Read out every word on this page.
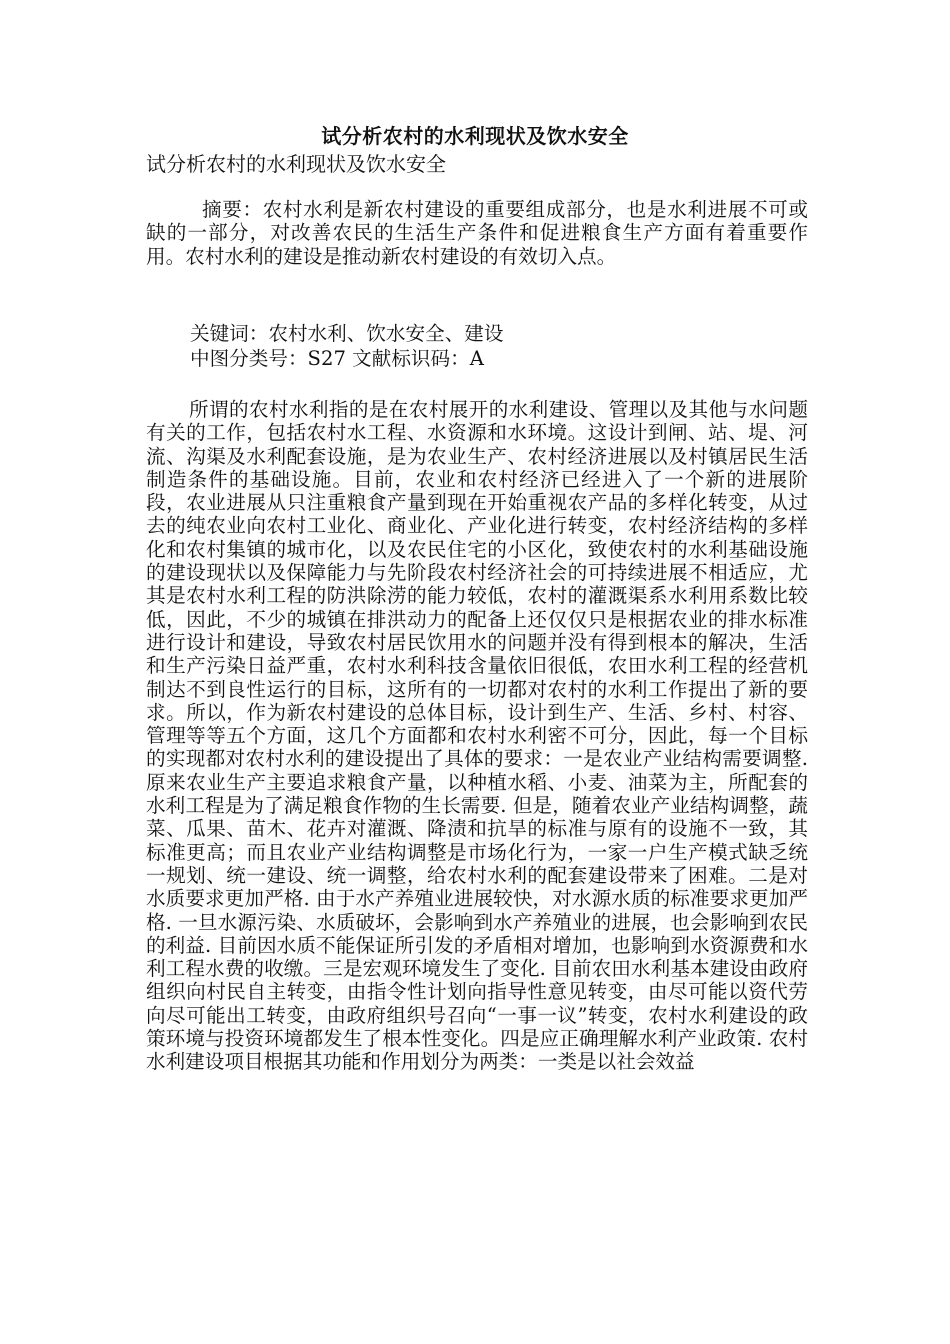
试分析农村的水利现状及饮水安全
试分析农村的水利现状及饮水安全
摘要：农村水利是新农村建设的重要组成部分，也是水利进展不可或缺的一部分，对改善农民的生活生产条件和促进粮食生产方面有着重要作用。农村水利的建设是推动新农村建设的有效切入点。
关键词：农村水利、饮水安全、建设
中图分类号：S27 文献标识码：A
所谓的农村水利指的是在农村展开的水利建设、管理以及其他与水问题有关的工作，包括农村水工程、水资源和水环境。这设计到闸、站、堤、河流、沟渠及水利配套设施，是为农业生产、农村经济进展以及村镇居民生活制造条件的基础设施。目前，农业和农村经济已经进入了一个新的进展阶段，农业进展从只注重粮食产量到现在开始重视农产品的多样化转变，从过去的纯农业向农村工业化、商业化、产业化进行转变，农村经济结构的多样化和农村集镇的城市化，以及农民住宅的小区化，致使农村的水利基础设施的建设现状以及保障能力与先阶段农村经济社会的可持续进展不相适应，尤其是农村水利工程的防洪除涝的能力较低，农村的灌溉渠系水利用系数比较低，因此，不少的城镇在排洪动力的配备上还仅仅只是根据农业的排水标准进行设计和建设，导致农村居民饮用水的问题并没有得到根本的解决，生活和生产污染日益严重，农村水利科技含量依旧很低，农田水利工程的经营机制达不到良性运行的目标，这所有的一切都对农村的水利工作提出了新的要求。所以，作为新农村建设的总体目标，设计到生产、生活、乡村、村容、管理等等五个方面，这几个方面都和农村水利密不可分，因此，每一个目标的实现都对农村水利的建设提出了具体的要求：一是农业产业结构需要调整. 原来农业生产主要追求粮食产量，以种植水稻、小麦、油菜为主，所配套的水利工程是为了满足粮食作物的生长需要. 但是，随着农业产业结构调整，蔬菜、瓜果、苗木、花卉对灌溉、降渍和抗旱的标准与原有的设施不一致，其标准更高；而且农业产业结构调整是市场化行为，一家一户生产模式缺乏统一规划、统一建设、统一调整，给农村水利的配套建设带来了困难。二是对水质要求更加严格. 由于水产养殖业进展较快，对水源水质的标准要求更加严格. 一旦水源污染、水质破坏，会影响到水产养殖业的进展，也会影响到农民的利益. 目前因水质不能保证所引发的矛盾相对增加，也影响到水资源费和水利工程水费的收缴。三是宏观环境发生了变化. 目前农田水利基本建设由政府组织向村民自主转变，由指令性计划向指导性意见转变，由尽可能以资代劳向尽可能出工转变，由政府组织号召向“一事一议”转变，农村水利建设的政策环境与投资环境都发生了根本性变化。四是应正确理解水利产业政策. 农村水利建设项目根据其功能和作用划分为两类：一类是以社会效益
